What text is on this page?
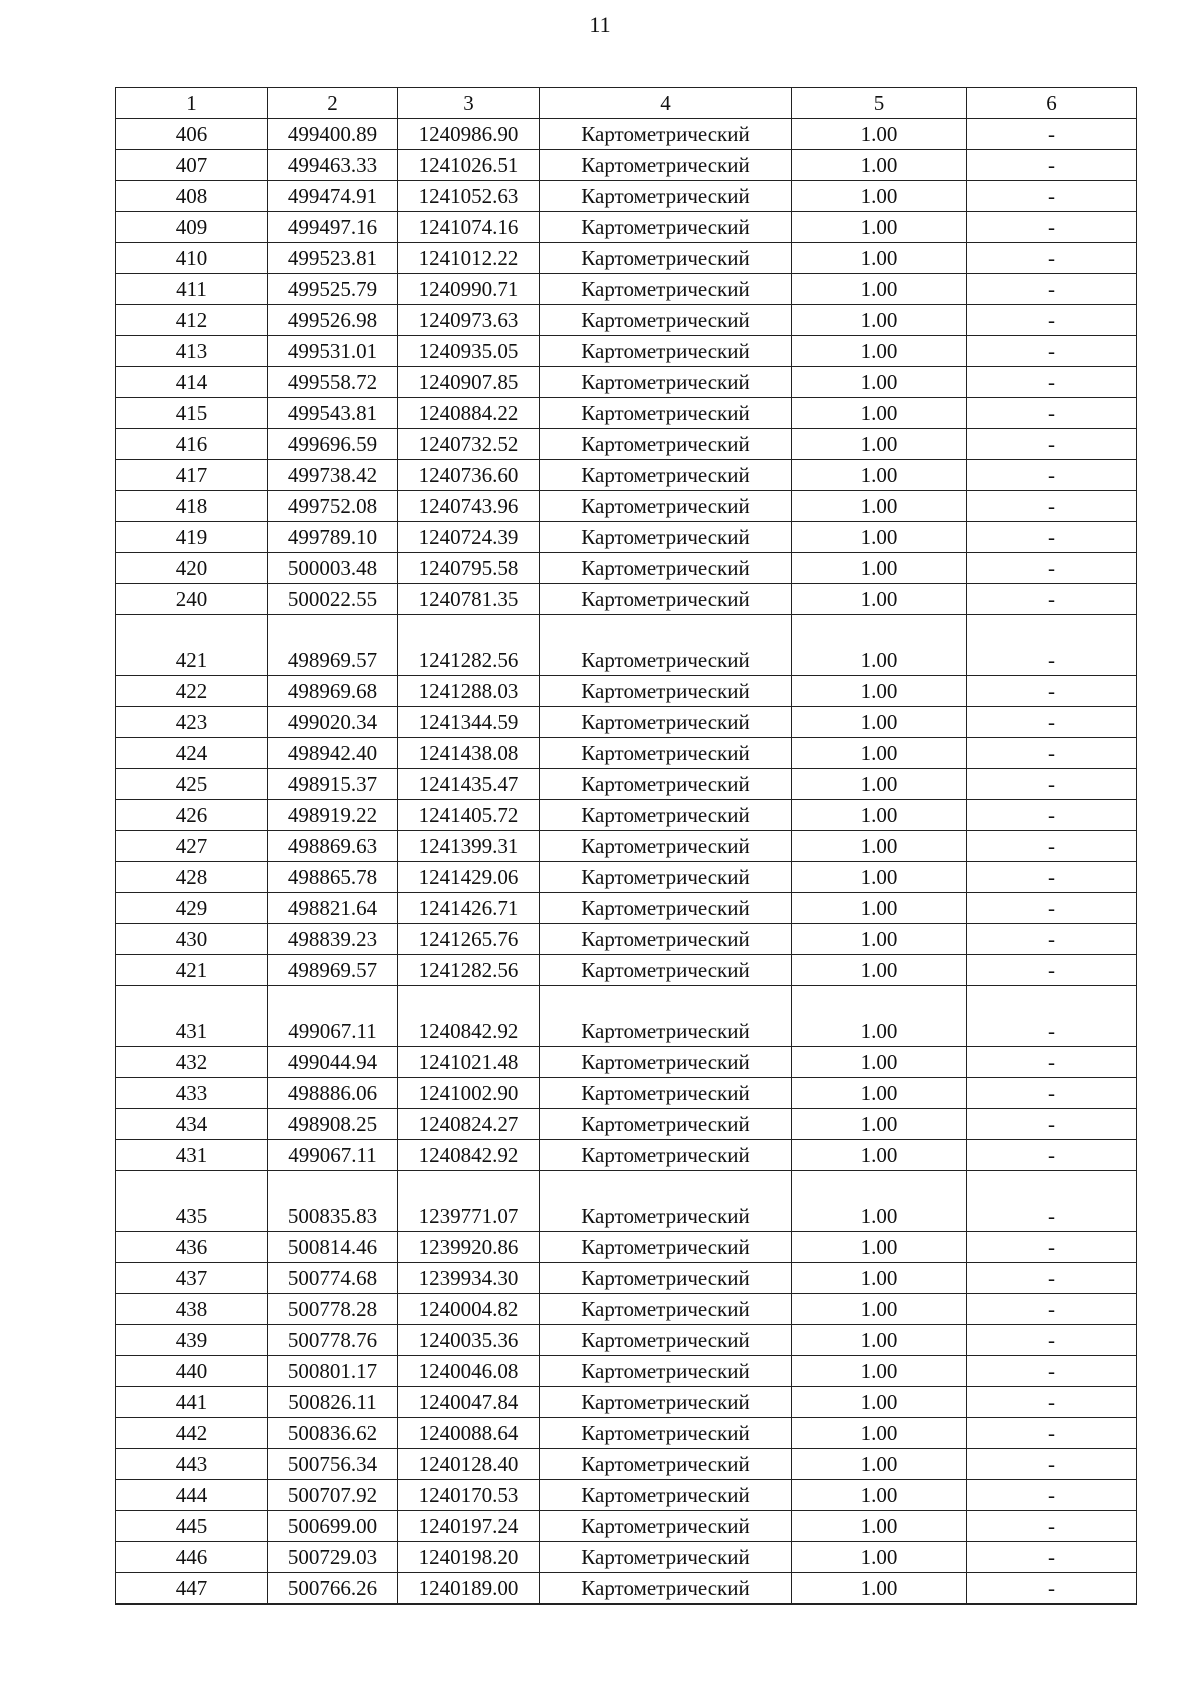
11
1	2	3	4	5	6
406	499400.89	1240986.90	Картометрический	1.00	-
407	499463.33	1241026.51	Картометрический	1.00	-
408	499474.91	1241052.63	Картометрический	1.00	-
409	499497.16	1241074.16	Картометрический	1.00	-
410	499523.81	1241012.22	Картометрический	1.00	-
411	499525.79	1240990.71	Картометрический	1.00	-
412	499526.98	1240973.63	Картометрический	1.00	-
413	499531.01	1240935.05	Картометрический	1.00	-
414	499558.72	1240907.85	Картометрический	1.00	-
415	499543.81	1240884.22	Картометрический	1.00	-
416	499696.59	1240732.52	Картометрический	1.00	-
417	499738.42	1240736.60	Картометрический	1.00	-
418	499752.08	1240743.96	Картометрический	1.00	-
419	499789.10	1240724.39	Картометрический	1.00	-
420	500003.48	1240795.58	Картометрический	1.00	-
240	500022.55	1240781.35	Картометрический	1.00	-

421	498969.57	1241282.56	Картометрический	1.00	-
422	498969.68	1241288.03	Картометрический	1.00	-
423	499020.34	1241344.59	Картометрический	1.00	-
424	498942.40	1241438.08	Картометрический	1.00	-
425	498915.37	1241435.47	Картометрический	1.00	-
426	498919.22	1241405.72	Картометрический	1.00	-
427	498869.63	1241399.31	Картометрический	1.00	-
428	498865.78	1241429.06	Картометрический	1.00	-
429	498821.64	1241426.71	Картометрический	1.00	-
430	498839.23	1241265.76	Картометрический	1.00	-
421	498969.57	1241282.56	Картометрический	1.00	-

431	499067.11	1240842.92	Картометрический	1.00	-
432	499044.94	1241021.48	Картометрический	1.00	-
433	498886.06	1241002.90	Картометрический	1.00	-
434	498908.25	1240824.27	Картометрический	1.00	-
431	499067.11	1240842.92	Картометрический	1.00	-

435	500835.83	1239771.07	Картометрический	1.00	-
436	500814.46	1239920.86	Картометрический	1.00	-
437	500774.68	1239934.30	Картометрический	1.00	-
438	500778.28	1240004.82	Картометрический	1.00	-
439	500778.76	1240035.36	Картометрический	1.00	-
440	500801.17	1240046.08	Картометрический	1.00	-
441	500826.11	1240047.84	Картометрический	1.00	-
442	500836.62	1240088.64	Картометрический	1.00	-
443	500756.34	1240128.40	Картометрический	1.00	-
444	500707.92	1240170.53	Картометрический	1.00	-
445	500699.00	1240197.24	Картометрический	1.00	-
446	500729.03	1240198.20	Картометрический	1.00	-
447	500766.26	1240189.00	Картометрический	1.00	-
